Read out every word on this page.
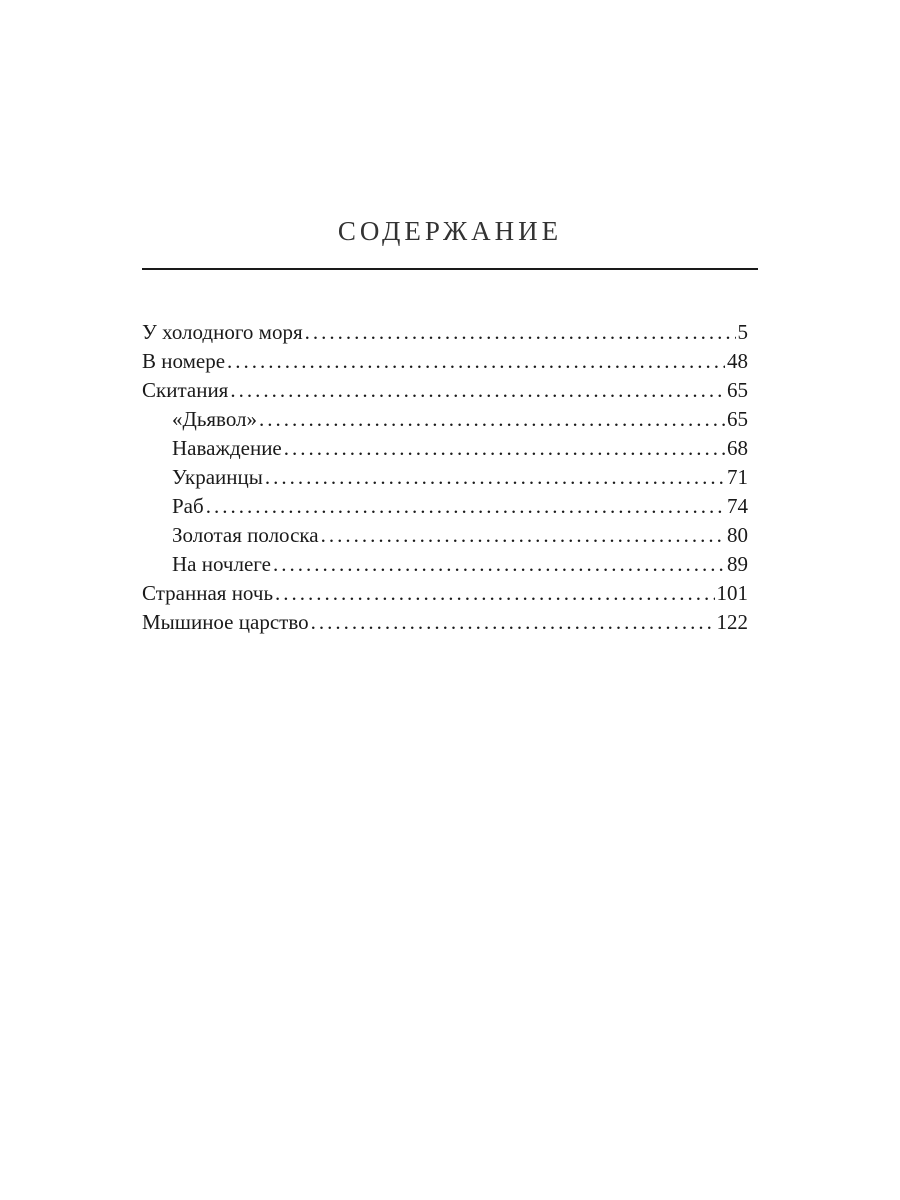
СОДЕРЖАНИЕ
У холодного моря .....	5
В номере .....	48
Скитания .....	65
«Дьявол» .....	65
Наваждение .....	68
Украинцы .....	71
Раб .....	74
Золотая полоска .....	80
На ночлеге .....	89
Странная ночь .....	101
Мышиное царство .....	122
